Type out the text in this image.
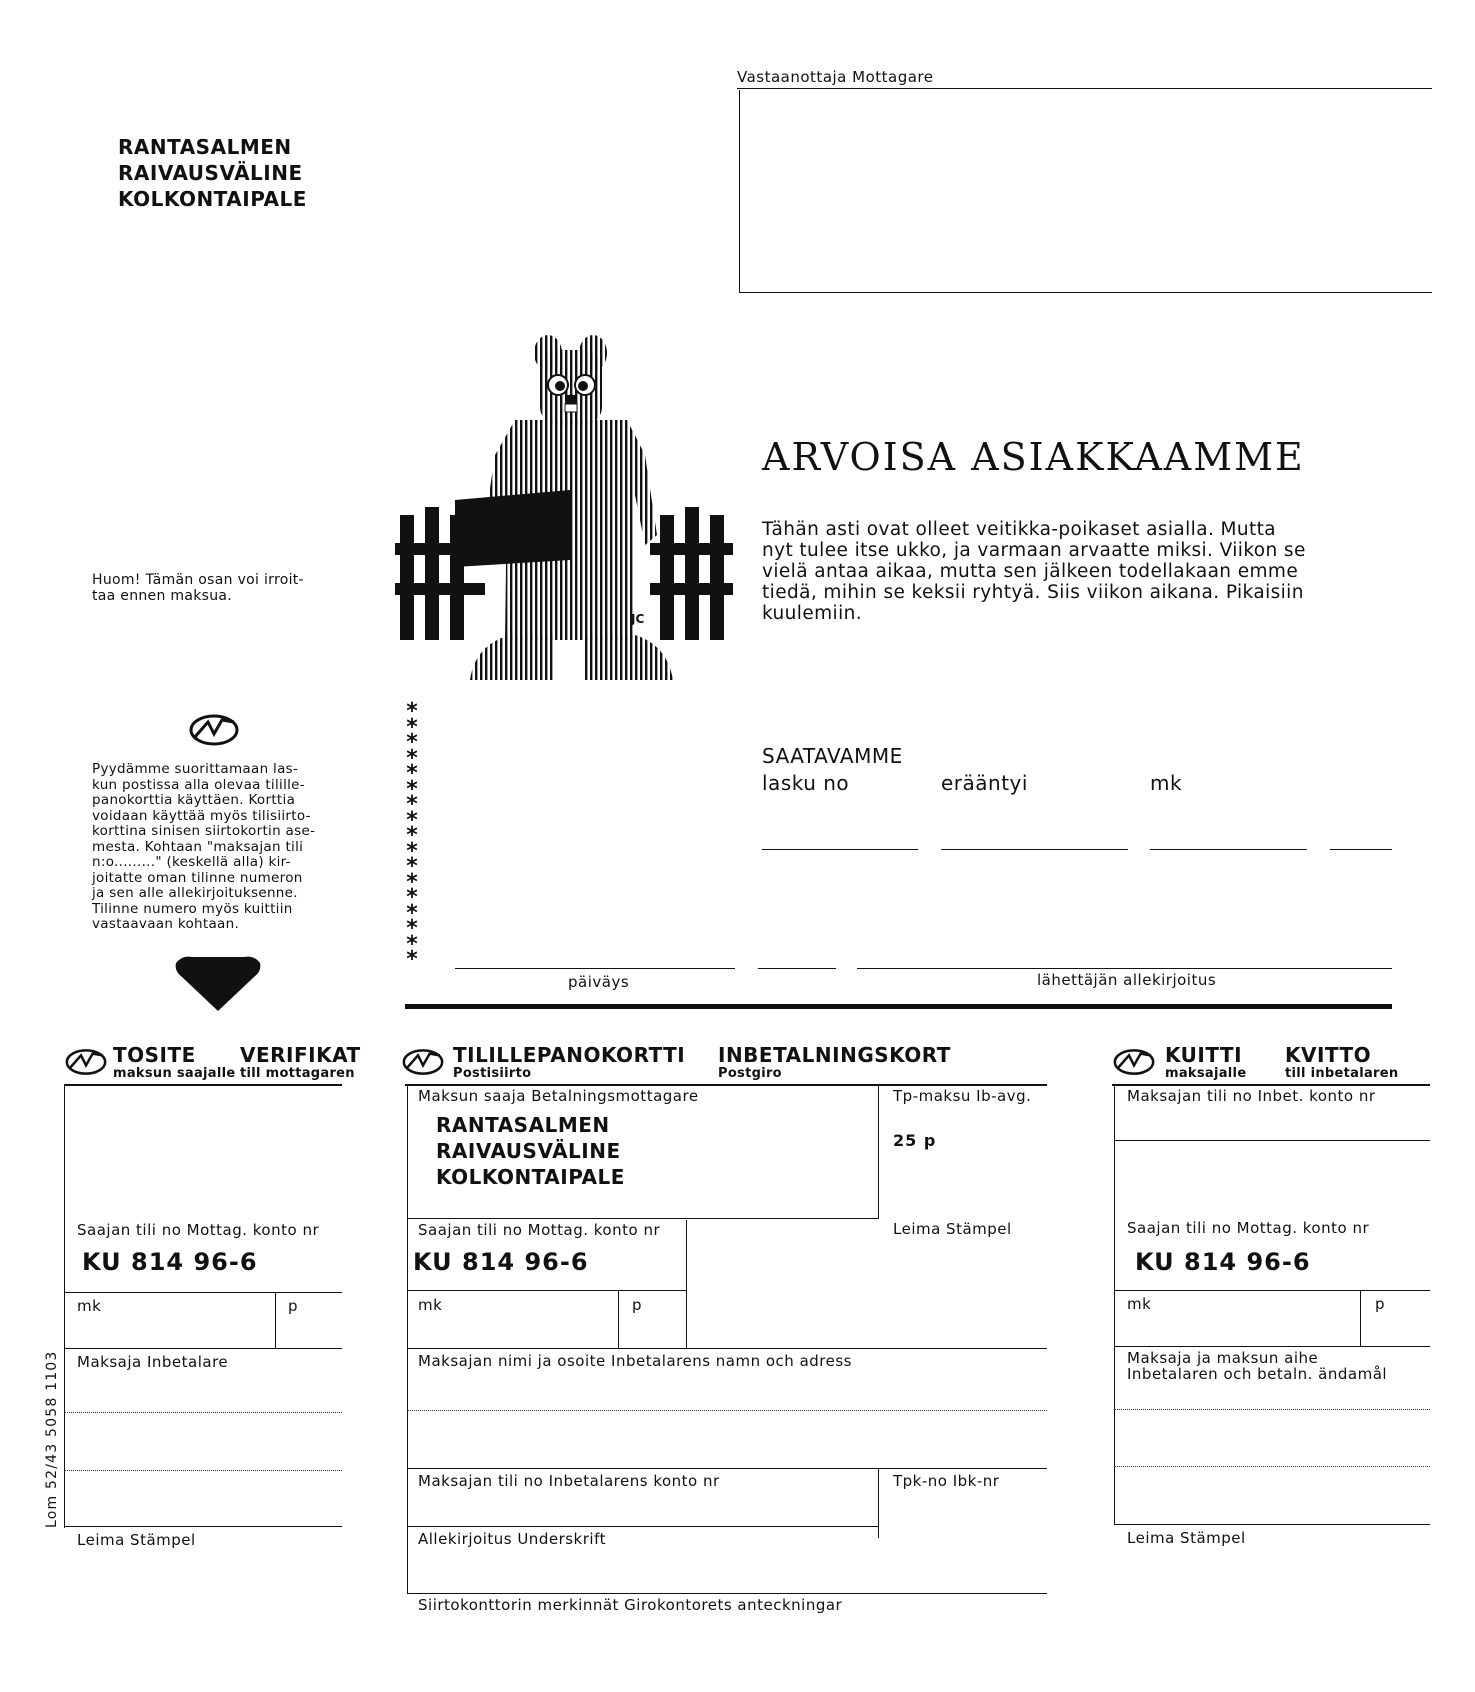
Vastaanottaja Mottagare
RANTASALMEN
RAIVAUSVÄLINE
KOLKONTAIPALE
JC
ARVOISA ASIAKKAAMME
Tähän asti ovat olleet veitikka-poikaset asialla. Mutta
nyt tulee itse ukko, ja varmaan arvaatte miksi. Viikon se
vielä antaa aikaa, mutta sen jälkeen todellakaan emme
tiedä, mihin se keksii ryhtyä. Siis viikon aikana. Pikaisiin
kuulemiin.
Huom! Tämän osan voi irroit-
taa ennen maksua.
Pyydämme suorittamaan las-
kun postissa alla olevaa tilille-
panokorttia käyttäen. Korttia
voidaan käyttää myös tilisiirto-
korttina sinisen siirtokortin ase-
mesta. Kohtaan "maksajan tili
n:o........." (keskellä alla) kir-
joitatte oman tilinne numeron
ja sen alle allekirjoituksenne.
Tilinne numero myös kuittiin
vastaavaan kohtaan.
*
*
*
*
*
*
*
*
*
*
*
*
*
*
*
*
*
SAATAVAMME
lasku no	erääntyi	mk
päiväys	lähettäjän allekirjoitus
TOSITE VERIFIKAT
maksun saajalle till mottagaren
Saajan tili no Mottag. konto nr
KU 814 96-6
mk	p
Maksaja Inbetalare
Leima Stämpel
Lom 52/43 5058 1103
TILILLEPANOKORTTI INBETALNINGSKORT
Postisiirto	Postgiro
Maksun saaja Betalningsmottagare
RANTASALMEN
RAIVAUSVÄLINE
KOLKONTAIPALE
Tp-maksu Ib-avg.
25 p
Leima Stämpel
Saajan tili no Mottag. konto nr
KU 814 96-6
mk	p
Maksajan nimi ja osoite Inbetalarens namn och adress
Maksajan tili no Inbetalarens konto nr	Tpk-no Ibk-nr
Allekirjoitus Underskrift
Siirtokonttorin merkinnät Girokontorets anteckningar
KUITTI KVITTO
maksajalle	till inbetalaren
Maksajan tili no Inbet. konto nr
Saajan tili no Mottag. konto nr
KU 814 96-6
mk	p
Maksaja ja maksun aihe
Inbetalaren och betaln. ändamål
Leima Stämpel
